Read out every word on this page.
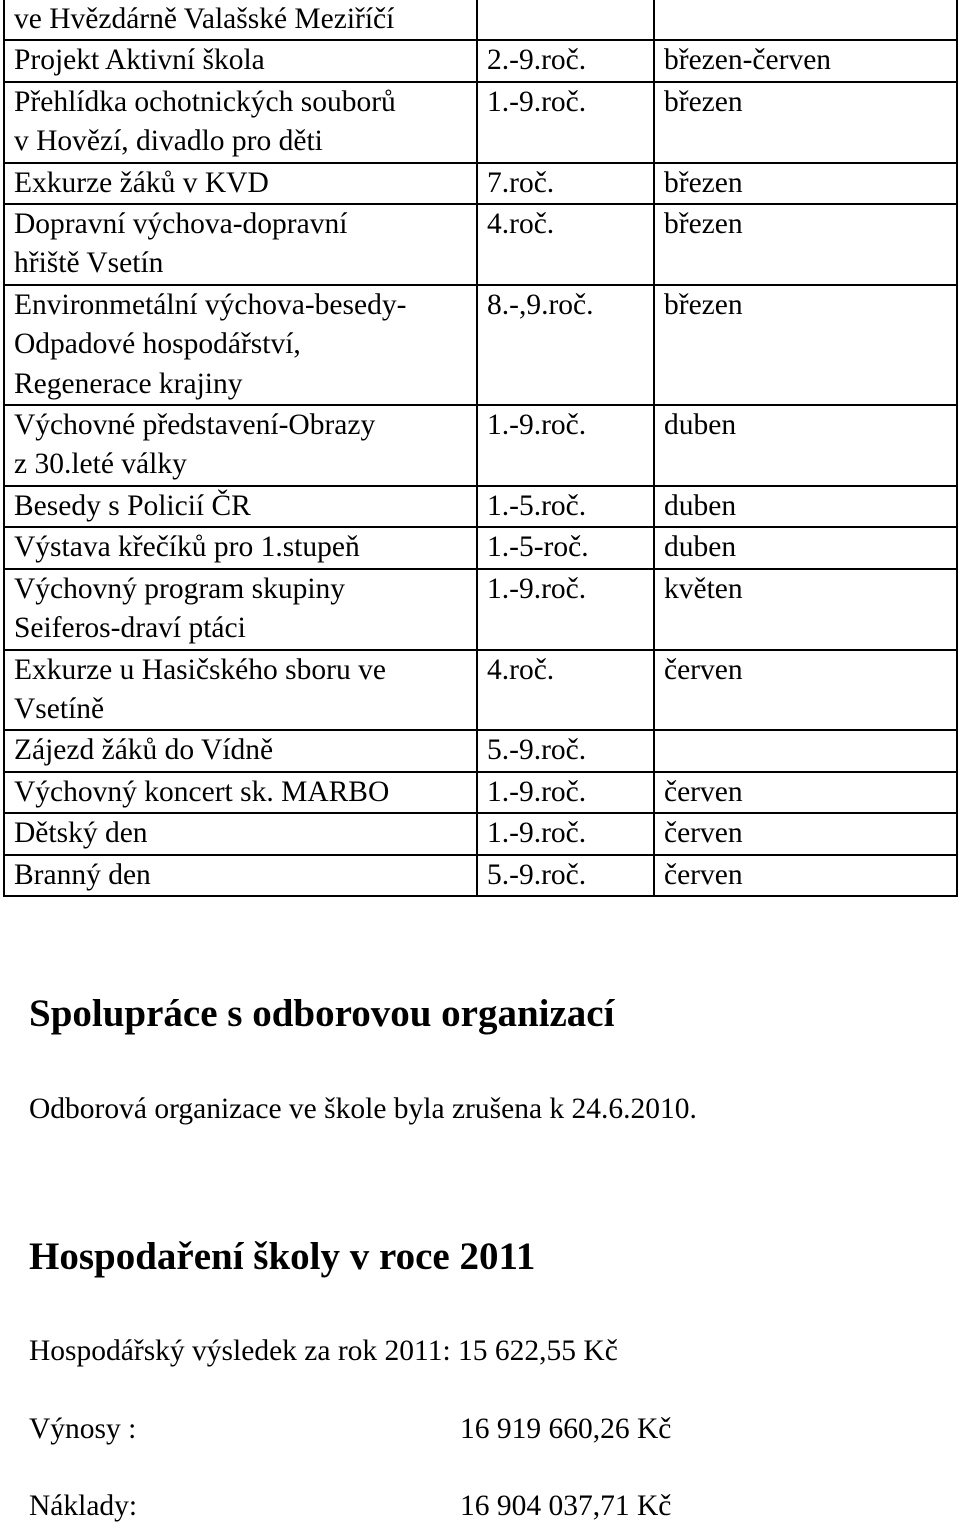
ve Hvězdárně Valašské Meziříčí		

Projekt Aktivní škola	2.-9.roč.	březen-červen

Přehlídka ochotnických souborů
v Hovězí, divadlo pro děti	1.-9.roč.	březen

Exkurze žáků v KVD	7.roč.	březen

Dopravní výchova-dopravní
hřiště Vsetín	4.roč.	březen

Environmetální výchova-besedy-
Odpadové hospodářství,
Regenerace krajiny	8.-,9.roč.	březen

Výchovné představení-Obrazy
z 30.leté války	1.-9.roč.	duben

Besedy s Policií ČR	1.-5.roč.	duben

Výstava křečíků pro 1.stupeň	1.-5-roč.	duben

Výchovný program skupiny
Seiferos-draví ptáci	1.-9.roč.	květen

Exkurze u Hasičského sboru ve
Vsetíně	4.roč.	červen

Zájezd žáků do Vídně	5.-9.roč.	

Výchovný koncert sk. MARBO	1.-9.roč.	červen

Dětský den	1.-9.roč.	červen

Branný den	5.-9.roč.	červen
Spolupráce s odborovou organizací

Odborová organizace ve škole byla zrušena k 24.6.2010.

Hospodaření školy v roce 2011

Hospodářský výsledek za rok 2011: 15 622,55 Kč

Výnosy :	16 919 660,26 Kč

Náklady:	16 904 037,71 Kč
